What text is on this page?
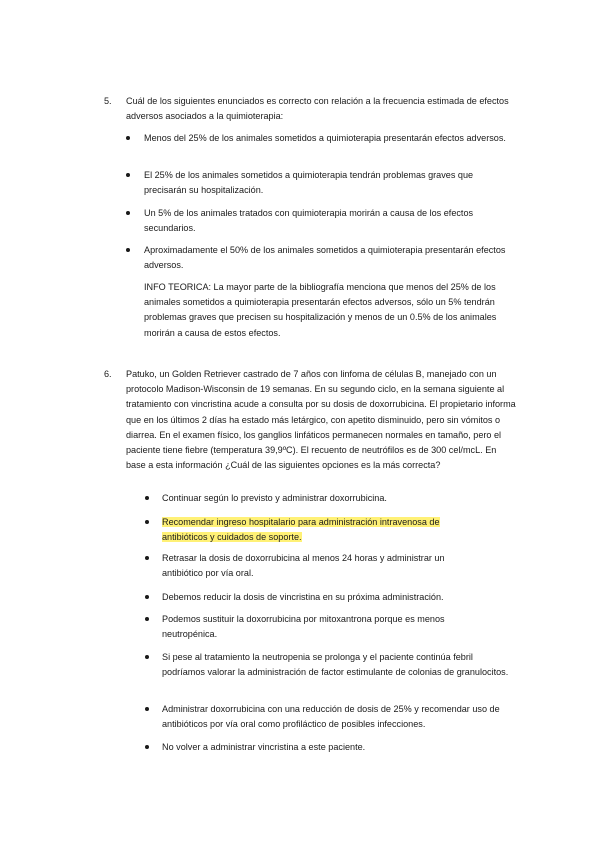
5. Cuál de los siguientes enunciados es correcto con relación a la frecuencia estimada de efectos adversos asociados a la quimioterapia:
Menos del 25% de los animales sometidos a quimioterapia presentarán efectos adversos.
El 25% de los animales sometidos a quimioterapia tendrán problemas graves que precisarán su hospitalización.
Un 5% de los animales tratados con quimioterapia morirán a causa de los efectos secundarios.
Aproximadamente el 50% de los animales sometidos a quimioterapia presentarán efectos adversos.
INFO TEORICA: La mayor parte de la bibliografía menciona que menos del 25% de los animales sometidos a quimioterapia presentarán efectos adversos, sólo un 5% tendrán problemas graves que precisen su hospitalización y menos de un 0.5% de los animales morirán a causa de estos efectos.
6. Patuko, un Golden Retriever castrado de 7 años con linfoma de células B, manejado con un protocolo Madison-Wisconsin de 19 semanas. En su segundo ciclo, en la semana siguiente al tratamiento con vincristina acude a consulta por su dosis de doxorrubicina. El propietario informa que en los últimos 2 días ha estado más letárgico, con apetito disminuido, pero sin vómitos o diarrea. En el examen físico, los ganglios linfáticos permanecen normales en tamaño, pero el paciente tiene fiebre (temperatura 39,9ºC). El recuento de neutrófilos es de 300 cel/mcL. En base a esta información ¿Cuál de las siguientes opciones es la más correcta?
Continuar según lo previsto y administrar doxorrubicina.
Recomendar ingreso hospitalario para administración intravenosa de antibióticos y cuidados de soporte.
Retrasar la dosis de doxorrubicina al menos 24 horas y administrar un antibiótico por vía oral.
Debemos reducir la dosis de vincristina en su próxima administración.
Podemos sustituir la doxorrubicina por mitoxantrona porque es menos neutropénica.
Si pese al tratamiento la neutropenia se prolonga y el paciente continúa febril podríamos valorar la administración de factor estimulante de colonias de granulocitos.
Administrar doxorrubicina con una reducción de dosis de 25% y recomendar uso de antibióticos por vía oral como profiláctico de posibles infecciones.
No volver a administrar vincristina a este paciente.
